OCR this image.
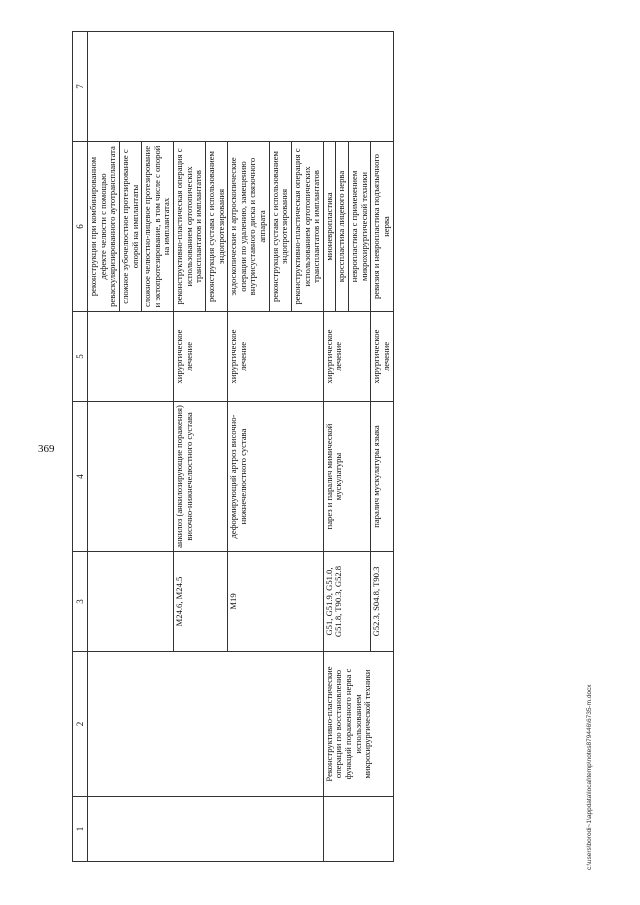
369
1	2	3	4	5	6	7
					реконструкции при комбинированном дефекте челюсти с помощью реваскуляризированного аутотрансплантата	
					сложное зубочелюстное протезирование с опорой на имплантаты	
					сложное челюстно-лицевое протезирование и эктопротезирование, в том числе с опорой на имплантатах	
		M24.6, M24.5	анкилоз (анкилозирующие поражения) височно-нижнечелюстного сустава	хирургическое лечение	реконструктивно-пластическая операция с использованием ортотопических трансплантатов и имплантатов	
					реконструкция сустава с использованием эндопротезирования	
		M19	деформирующий артроз височно-нижнечелюстного сустава	хирургическое лечение	эндоскопические и артроскопические операции по удалению, замещению внутрисуставного диска и связочного аппарата	
					реконструкция сустава с использованием эндопротезирования	
					реконструктивно-пластическая операция с использованием ортотопических трансплантатов и имплантатов	
	Реконструктивно-пластические операции по восстановлению функций пораженного нерва с использованием микрохирургической техники	G51, G51.9, G51.0, G51.8, T90.3, G52.8	парез и паралич мимической мускулатуры	хирургическое лечение	мионевропластика	
					кросспластика лицевого нерва	
					невропластика с применением микрохирургической техники	
		G52.3, S04.8, T90.3	паралич мускулатуры языка	хирургическое лечение	ревизия и невропластика подъязычного нерва	
c:\users\borodi~1\appdata\local\temp\notes879446\6735-m.docx
